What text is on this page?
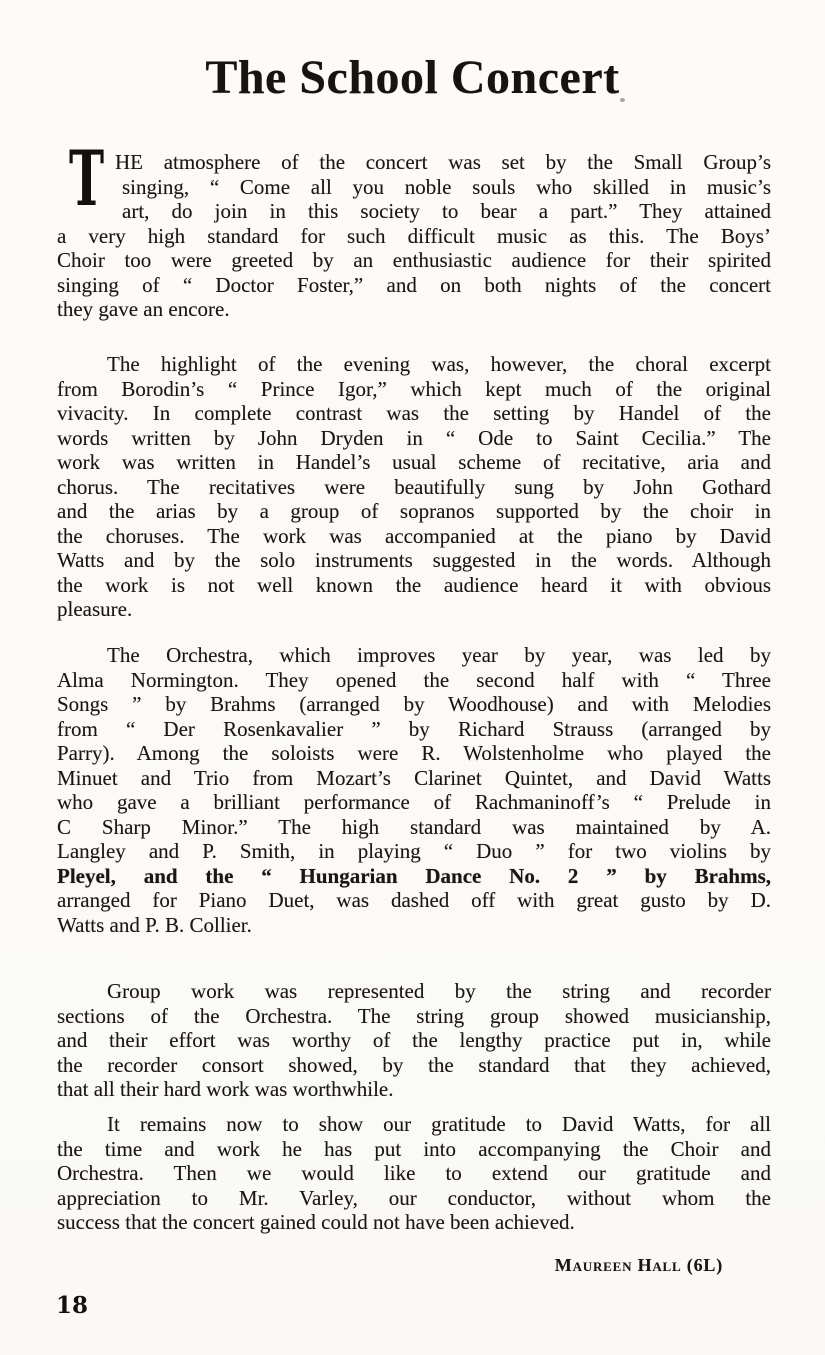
The School Concert
T HE atmosphere of the concert was set by the Small Group’s
singing, “ Come all you noble souls who skilled in music’s
art, do join in this society to bear a part.” They attained
a very high standard for such difficult music as this. The Boys’
Choir too were greeted by an enthusiastic audience for their spirited
singing of “ Doctor Foster,” and on both nights of the concert
they gave an encore.
The highlight of the evening was, however, the choral excerpt
from Borodin’s “ Prince Igor,” which kept much of the original
vivacity. In complete contrast was the setting by Handel of the
words written by John Dryden in “ Ode to Saint Cecilia.” The
work was written in Handel’s usual scheme of recitative, aria and
chorus. The recitatives were beautifully sung by John Gothard
and the arias by a group of sopranos supported by the choir in
the choruses. The work was accompanied at the piano by David
Watts and by the solo instruments suggested in the words. Although
the work is not well known the audience heard it with obvious
pleasure.
The Orchestra, which improves year by year, was led by
Alma Normington. They opened the second half with “ Three
Songs ” by Brahms (arranged by Woodhouse) and with Melodies
from “ Der Rosenkavalier ” by Richard Strauss (arranged by
Parry). Among the soloists were R. Wolstenholme who played the
Minuet and Trio from Mozart’s Clarinet Quintet, and David Watts
who gave a brilliant performance of Rachmaninoff’s “ Prelude in
C Sharp Minor.” The high standard was maintained by A.
Langley and P. Smith, in playing “ Duo ” for two violins by
Pleyel, and the “ Hungarian Dance No. 2 ” by Brahms,
arranged for Piano Duet, was dashed off with great gusto by D.
Watts and P. B. Collier.
Group work was represented by the string and recorder
sections of the Orchestra. The string group showed musicianship,
and their effort was worthy of the lengthy practice put in, while
the recorder consort showed, by the standard that they achieved,
that all their hard work was worthwhile.
It remains now to show our gratitude to David Watts, for all
the time and work he has put into accompanying the Choir and
Orchestra. Then we would like to extend our gratitude and
appreciation to Mr. Varley, our conductor, without whom the
success that the concert gained could not have been achieved.
Maureen Hall (6L)
18
